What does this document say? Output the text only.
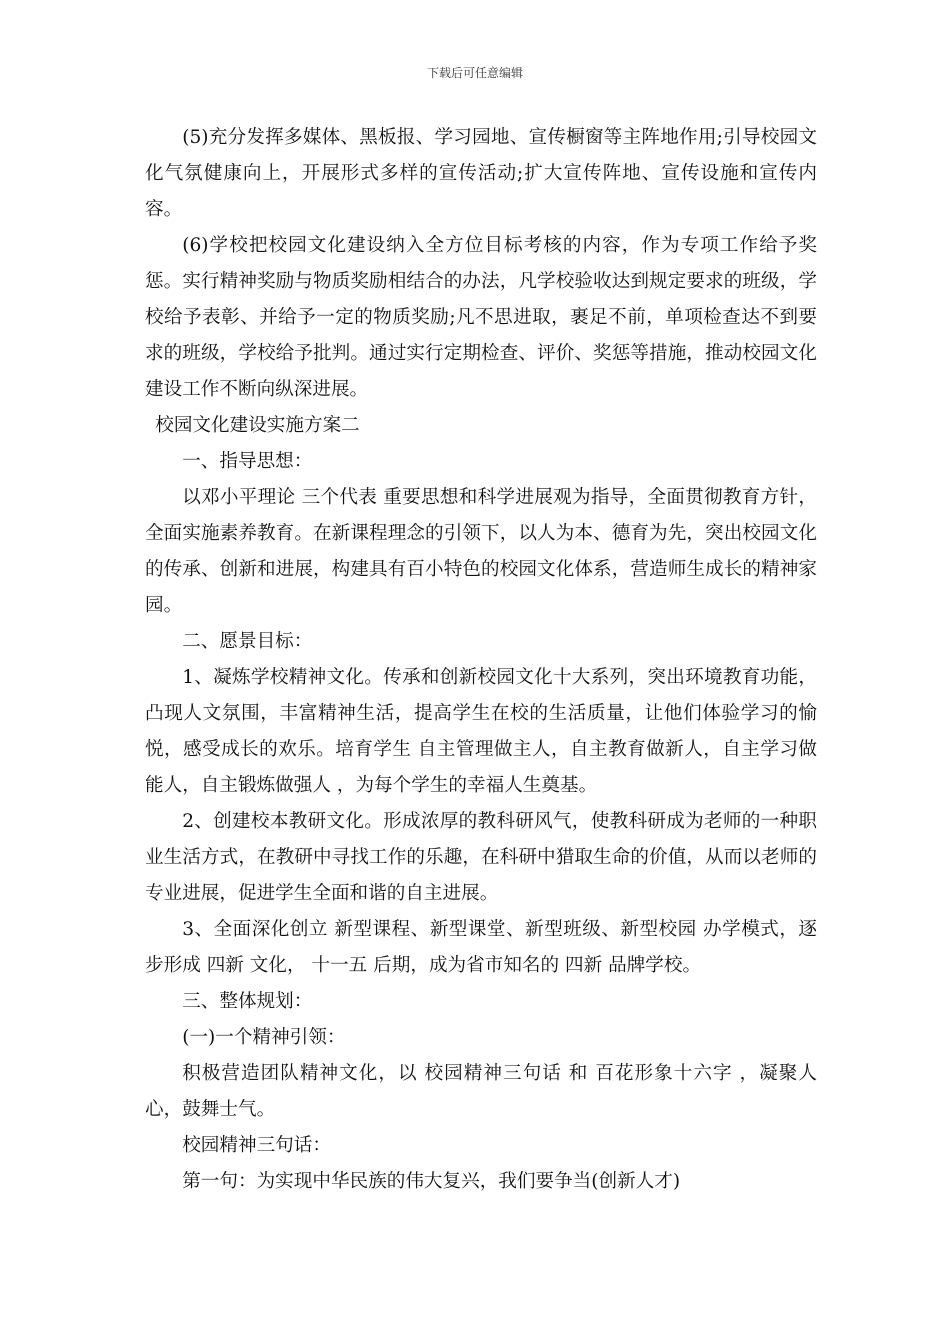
下载后可任意编辑

(5)充分发挥多媒体、黑板报、学习园地、宣传橱窗等主阵地作用;引导校园文化气氛健康向上，开展形式多样的宣传活动;扩大宣传阵地、宣传设施和宣传内容。

(6)学校把校园文化建设纳入全方位目标考核的内容，作为专项工作给予奖惩。实行精神奖励与物质奖励相结合的办法，凡学校验收达到规定要求的班级，学校给予表彰、并给予一定的物质奖励;凡不思进取，裹足不前，单项检查达不到要求的班级，学校给予批判。通过实行定期检查、评价、奖惩等措施，推动校园文化建设工作不断向纵深进展。

校园文化建设实施方案二

一、指导思想：

以邓小平理论 三个代表 重要思想和科学进展观为指导，全面贯彻教育方针，全面实施素养教育。在新课程理念的引领下，以人为本、德育为先，突出校园文化的传承、创新和进展，构建具有百小特色的校园文化体系，营造师生成长的精神家园。

二、愿景目标：

1、凝炼学校精神文化。传承和创新校园文化十大系列，突出环境教育功能，凸现人文氛围，丰富精神生活，提高学生在校的生活质量，让他们体验学习的愉悦，感受成长的欢乐。培育学生 自主管理做主人，自主教育做新人，自主学习做能人，自主锻炼做强人 ，为每个学生的幸福人生奠基。

2、创建校本教研文化。形成浓厚的教科研风气，使教科研成为老师的一种职业生活方式，在教研中寻找工作的乐趣，在科研中猎取生命的价值，从而以老师的专业进展，促进学生全面和谐的自主进展。

3、全面深化创立 新型课程、新型课堂、新型班级、新型校园 办学模式，逐步形成 四新 文化， 十一五 后期，成为省市知名的 四新 品牌学校。

三、整体规划：

(一)一个精神引领：

积极营造团队精神文化，以 校园精神三句话 和 百花形象十六字 ，凝聚人心，鼓舞士气。

校园精神三句话：

第一句：为实现中华民族的伟大复兴，我们要争当(创新人才)
